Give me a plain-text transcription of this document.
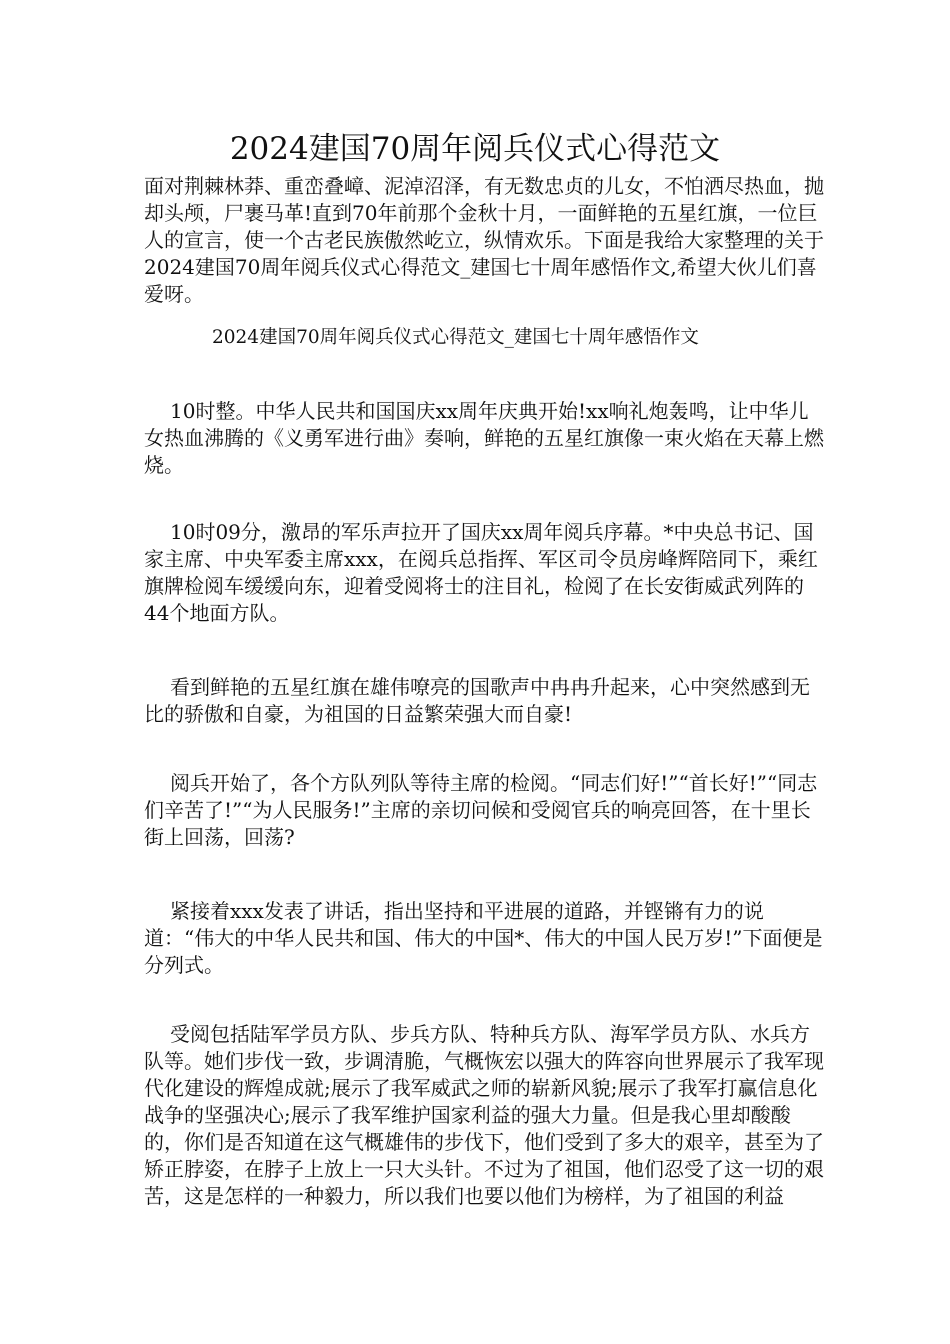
2024建国70周年阅兵仪式心得范文

面对荆棘林莽、重峦叠嶂、泥淖沼泽，有无数忠贞的儿女，不怕洒尽热血，抛却头颅，尸裹马革!直到70年前那个金秋十月，一面鲜艳的五星红旗，一位巨人的宣言，使一个古老民族傲然屹立，纵情欢乐。下面是我给大家整理的关于2024建国70周年阅兵仪式心得范文_建国七十周年感悟作文,希望大伙儿们喜爱呀。

2024建国70周年阅兵仪式心得范文_建国七十周年感悟作文

10时整。中华人民共和国国庆xx周年庆典开始!xx响礼炮轰鸣，让中华儿女热血沸腾的《义勇军进行曲》奏响，鲜艳的五星红旗像一束火焰在天幕上燃烧。

10时09分，激昂的军乐声拉开了国庆xx周年阅兵序幕。*中央总书记、国家主席、中央军委主席xxx，在阅兵总指挥、军区司令员房峰辉陪同下，乘红旗牌检阅车缓缓向东，迎着受阅将士的注目礼，检阅了在长安街威武列阵的44个地面方队。

看到鲜艳的五星红旗在雄伟嘹亮的国歌声中冉冉升起来，心中突然感到无比的骄傲和自豪，为祖国的日益繁荣强大而自豪!

阅兵开始了，各个方队列队等待主席的检阅。“同志们好!”“首长好!”“同志们辛苦了!”“为人民服务!”主席的亲切问候和受阅官兵的响亮回答，在十里长街上回荡，回荡?

紧接着xxx发表了讲话，指出坚持和平进展的道路，并铿锵有力的说道：“伟大的中华人民共和国、伟大的中国*、伟大的中国人民万岁!”下面便是分列式。

受阅包括陆军学员方队、步兵方队、特种兵方队、海军学员方队、水兵方队等。她们步伐一致，步调清脆，气概恢宏以强大的阵容向世界展示了我军现代化建设的辉煌成就;展示了我军威武之师的崭新风貌;展示了我军打赢信息化战争的坚强决心;展示了我军维护国家利益的强大力量。但是我心里却酸酸的，你们是否知道在这气概雄伟的步伐下，他们受到了多大的艰辛，甚至为了矫正脖姿，在脖子上放上一只大头针。不过为了祖国，他们忍受了这一切的艰苦，这是怎样的一种毅力，所以我们也要以他们为榜样，为了祖国的利益
